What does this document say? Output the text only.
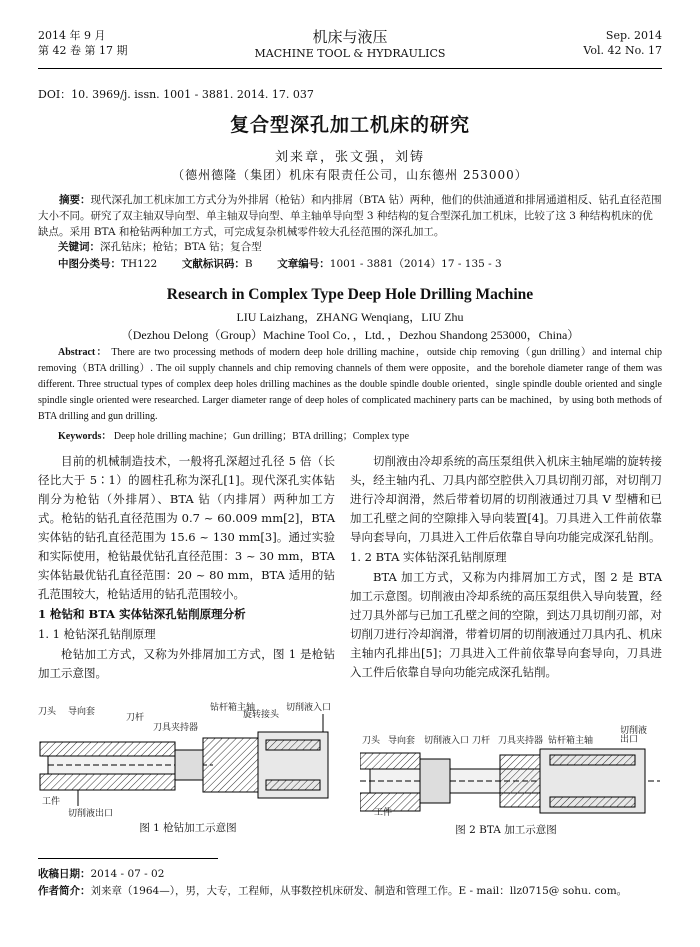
2014 年 9 月
第 42 卷 第 17 期
机床与液压
MACHINE TOOL & HYDRAULICS
Sep. 2014
Vol. 42 No. 17
DOI：10. 3969/j. issn. 1001 - 3881. 2014. 17. 037
复合型深孔加工机床的研究
刘来章，张文强，刘铸
（德州德隆（集团）机床有限责任公司，山东德州 253000）
摘要：现代深孔加工机床加工方式分为外排屑（枪钻）和内排屑（BTA 钻）两种，他们的供油通道和排屑通道相反、钻孔直径范围大小不同。研究了双主轴双导向型、单主轴双导向型、单主轴单导向型 3 种结构的复合型深孔加工机床，比较了这 3 种结构机床的优缺点。采用 BTA 和枪钻两种加工方式，可完成复杂机械零件较大孔径范围的深孔加工。
关键词：深孔钻床；枪钻；BTA 钻；复合型
中图分类号：TH122 文献标识码：B 文章编号：1001 - 3881（2014）17 - 135 - 3
Research in Complex Type Deep Hole Drilling Machine
LIU Laizhang，ZHANG Wenqiang，LIU Zhu
（Dezhou Delong（Group）Machine Tool Co．，Ltd．，Dezhou Shandong 253000，China）
Abstract： There are two processing methods of modern deep hole drilling machine，outside chip removing（gun drilling）and internal chip removing（BTA drilling）. The oil supply channels and chip removing channels of them were opposite，and the borehole diameter range of them was different. Three structual types of complex deep holes drilling machines as the double spindle double oriented，single spindle double oriented and single spindle single oriented were researched. Larger diameter range of deep holes of complicated machinery parts can be machined，by using both methods of BTA drilling and gun drilling.
Keywords： Deep hole drilling machine；Gun drilling；BTA drilling；Complex type

目前的机械制造技术，一般将孔深超过孔径 5 倍（长径比大于 5∶1）的圆柱孔称为深孔[1]。现代深孔实体钻削分为枪钻（外排屑）、BTA 钻（内排屑）两种加工方式。枪钻的钻孔直径范围为 0.7 ~ 60.009 mm[2]，BTA 实体钻的钻孔直径范围为 15.6 ~ 130 mm[3]。通过实验和实际使用，枪钻最优钻孔直径范围：3 ~ 30 mm，BTA 实体钻最优钻孔直径范围：20 ~ 80 mm，BTA 适用的钻孔范围较大，枪钻适用的钻孔范围较小。

1 枪钻和 BTA 实体钻深孔钻削原理分析
1. 1 枪钻深孔钻削原理

枪钻加工方式，又称为外排屑加工方式，图 1 是枪钻加工示意图。

切削液由冷却系统的高压泵组供入机床主轴尾端的旋转接头，经主轴内孔、刀具内部空腔供入刀具切削刃部，对切削刀进行冷却润滑，然后带着切屑的切削液通过刀具 V 型槽和已加工孔壁之间的空隙排入导向装置[4]。刀具进入工件前依靠导向套导向，刀具进入工件后依靠自导向功能完成深孔钻削。

1. 2 BTA 实体钻深孔钻削原理

BTA 加工方式，又称为内排屑加工方式，图 2 是 BTA 加工示意图。切削液由冷却系统的高压泵组供入导向装置，经过刀具外部与已加工孔壁之间的空隙，到达刀具切削刃部，对切削刀进行冷却润滑，带着切屑的切削液通过刀具内孔、机床主轴内孔排出[5]；刀具进入工件前依靠导向套导向，刀具进入工件后依靠自导向功能完成深孔钻削。

刀头 导向套
刀杆
钻杆箱主轴
旋转接头
切削液入口
刀具夹持器
工件
切削液出口
图 1 枪钻加工示意图
刀头 导向套 切削液入口 刀杆 刀具夹持器 钻杆箱主轴
切削液出口
工件
图 2 BTA 加工示意图
收稿日期：2014 - 07 - 02
作者简介：刘来章（1964—），男，大专，工程师，从事数控机床研发、制造和管理工作。E - mail：llz0715@ sohu. com。
